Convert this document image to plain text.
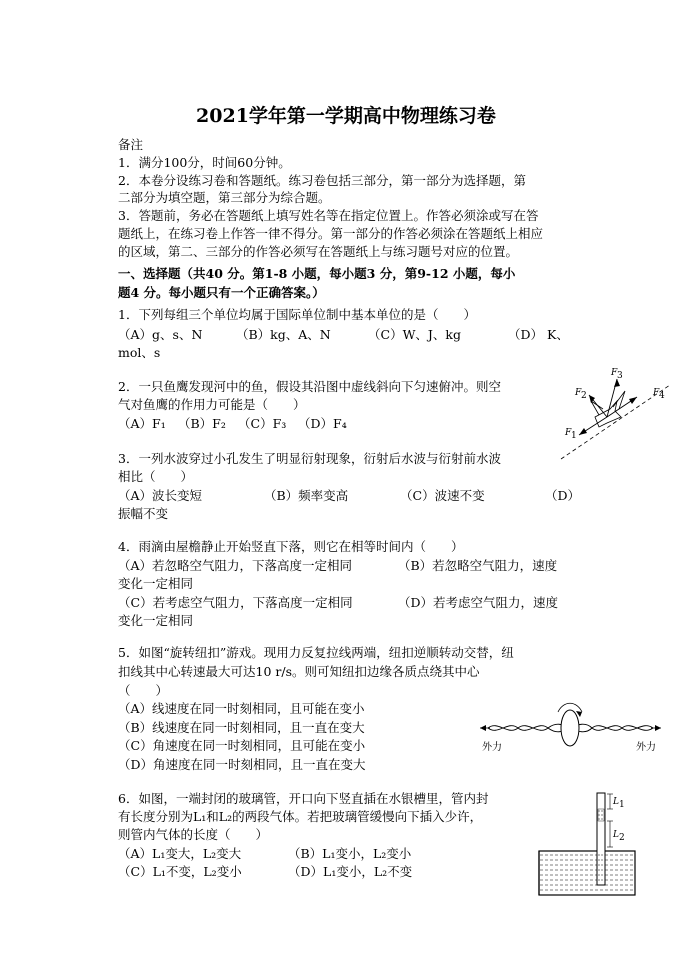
2021学年第一学期高中物理练习卷
备注
1．满分100分，时间60分钟。
2．本卷分设练习卷和答题纸。练习卷包括三部分，第一部分为选择题，第
二部分为填空题，第三部分为综合题。
3．答题前，务必在答题纸上填写姓名等在指定位置上。作答必须涂或写在答
题纸上，在练习卷上作答一律不得分。第一部分的作答必须涂在答题纸上相应
的区域，第二、三部分的作答必须写在答题纸上与练习题号对应的位置。
一、选择题（共40 分。第1-8 小题，每小题3 分，第9-12 小题，每小
题4 分。每小题只有一个正确答案。）
1．下列每组三个单位均属于国际单位制中基本单位的是（　　）
（A）g、s、N	（B）kg、A、N	（C）W、J、kg	（D） K、
mol、s
2．一只鱼鹰发现河中的鱼，假设其沿图中虚线斜向下匀速俯冲。则空
气对鱼鹰的作用力可能是（　　）
（A）F₁ （B）F₂ （C）F₃ （D）F₄
F 3
F 2	F 4
F 1
3．一列水波穿过小孔发生了明显衍射现象，衍射后水波与衍射前水波
相比（　　）
（A）波长变短	（B）频率变高	（C）波速不变	（D）
振幅不变
4．雨滴由屋檐静止开始竖直下落，则它在相等时间内（　　）
（A）若忽略空气阻力，下落高度一定相同	（B）若忽略空气阻力，速度
变化一定相同
（C）若考虑空气阻力，下落高度一定相同	（D）若考虑空气阻力，速度
变化一定相同
5．如图“旋转纽扣”游戏。现用力反复拉线两端，纽扣逆顺转动交替，纽
扣线其中心转速最大可达10 r/s。则可知纽扣边缘各质点绕其中心
（　　）
（A）线速度在同一时刻相同，且可能在变小
（B）线速度在同一时刻相同，且一直在变大
（C）角速度在同一时刻相同，且可能在变小
（D）角速度在同一时刻相同，且一直在变大
外力	外力
6．如图，一端封闭的玻璃管，开口向下竖直插在水银槽里，管内封
有长度分别为L₁和L₂的两段气体。若把玻璃管缓慢向下插入少许，
则管内气体的长度（　　）
（A）L₁变大，L₂变大	（B）L₁变小，L₂变小
（C）L₁不变，L₂变小	（D）L₁变小，L₂不变
L 1
L 2
